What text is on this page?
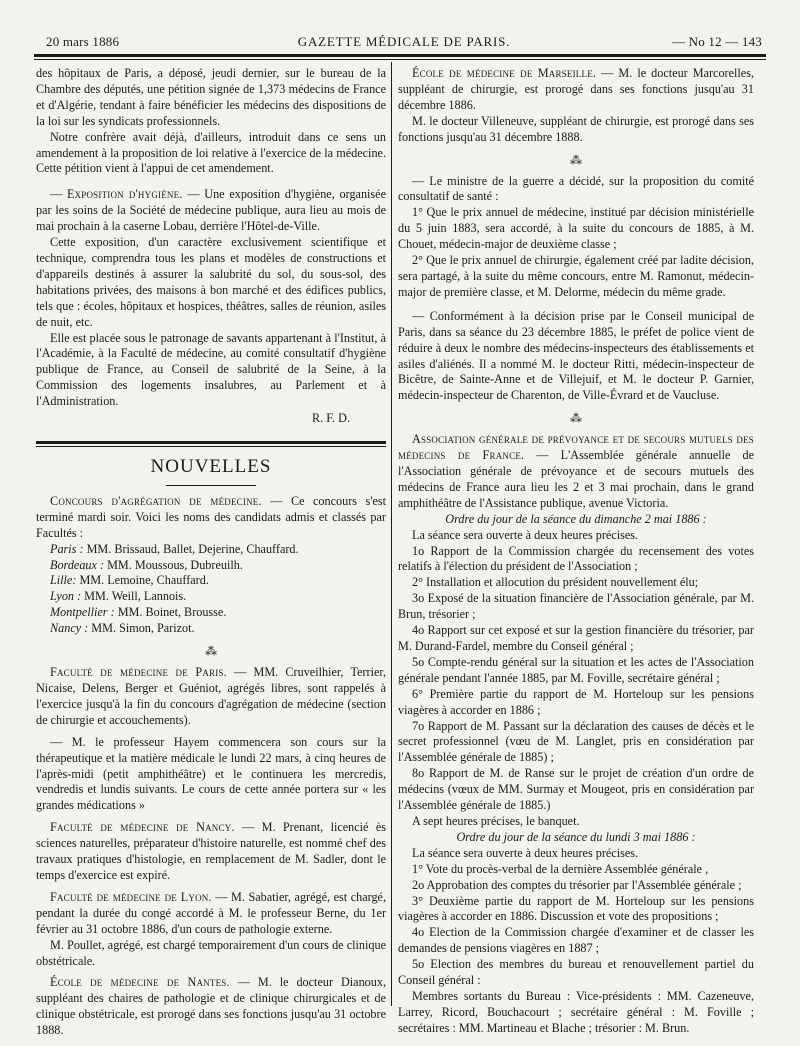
20 mars 1886	GAZETTE MÉDICALE DE PARIS.	— No 12 — 143

des hôpitaux de Paris, a déposé, jeudi dernier, sur le bureau de la Chambre des députés, une pétition signée de 1,373 médecins de France et d'Algérie, tendant à faire bénéficier les médecins des dispositions de la loi sur les syndicats professionnels.

Notre confrère avait déjà, d'ailleurs, introduit dans ce sens un amendement à la proposition de loi relative à l'exercice de la médecine. Cette pétition vient à l'appui de cet amendement.

— Exposition d'hygiène. — Une exposition d'hygiène, organisée par les soins de la Société de médecine publique, aura lieu au mois de mai prochain à la caserne Lobau, derrière l'Hôtel-de-Ville.

Cette exposition, d'un caractère exclusivement scientifique et technique, comprendra tous les plans et modèles de constructions et d'appareils destinés à assurer la salubrité du sol, du sous-sol, des habitations privées, des maisons à bon marché et des édifices publics, tels que : écoles, hôpitaux et hospices, théâtres, salles de réunion, asiles de nuit, etc.

Elle est placée sous le patronage de savants appartenant à l'Institut, à l'Académie, à la Faculté de médecine, au comité consultatif d'hygiène publique de France, au Conseil de salubrité de la Seine, à la Commission des logements insalubres, au Parlement et à l'Administration.

R. F. D.

NOUVELLES

Concours d'agrégation de médecine. — Ce concours s'est terminé mardi soir. Voici les noms des candidats admis et classés par Facultés :

Paris : MM. Brissaud, Ballet, Dejerine, Chauffard.

Bordeaux : MM. Moussous, Dubreuilh.

Lille: MM. Lemoine, Chauffard.

Lyon : MM. Weill, Lannois.

Montpellier : MM. Boinet, Brousse.

Nancy : MM. Simon, Parizot.

⁂

Faculté de médecine de Paris. — MM. Cruveilhier, Terrier, Nicaise, Delens, Berger et Guéniot, agrégés libres, sont rappelés à l'exercice jusqu'à la fin du concours d'agrégation de médecine (section de chirurgie et accouchements).

— M. le professeur Hayem commencera son cours sur la thérapeutique et la matière médicale le lundi 22 mars, à cinq heures de l'après-midi (petit amphithéâtre) et le continuera les mercredis, vendredis et lundis suivants. Le cours de cette année portera sur « les grandes médications »

Faculté de médecine de Nancy. — M. Prenant, licencié ès sciences naturelles, préparateur d'histoire naturelle, est nommé chef des travaux pratiques d'histologie, en remplacement de M. Sadler, dont le temps d'exercice est expiré.

Faculté de médecine de Lyon. — M. Sabatier, agrégé, est chargé, pendant la durée du congé accordé à M. le professeur Berne, du 1er février au 31 octobre 1886, d'un cours de pathologie externe.

M. Poullet, agrégé, est chargé temporairement d'un cours de clinique obstétricale.

École de médecine de Nantes. — M. le docteur Dianoux, suppléant des chaires de pathologie et de clinique chirurgicales et de clinique obstétricale, est prorogé dans ses fonctions jusqu'au 31 octobre 1888.

École de médecine de Marseille. — M. le docteur Marcorelles, suppléant de chirurgie, est prorogé dans ses fonctions jusqu'au 31 décembre 1886.

M. le docteur Villeneuve, suppléant de chirurgie, est prorogé dans ses fonctions jusqu'au 31 décembre 1888.

⁂

— Le ministre de la guerre a décidé, sur la proposition du comité consultatif de santé :

1° Que le prix annuel de médecine, institué par décision ministérielle du 5 juin 1883, sera accordé, à la suite du concours de 1885, à M. Chouet, médecin-major de deuxième classe ;

2° Que le prix annuel de chirurgie, également créé par ladite décision, sera partagé, à la suite du même concours, entre M. Ramonut, médecin-major de première classe, et M. Delorme, médecin du même grade.

— Conformément à la décision prise par le Conseil municipal de Paris, dans sa séance du 23 décembre 1885, le préfet de police vient de réduire à deux le nombre des médecins-inspecteurs des établissements et asiles d'aliénés. Il a nommé M. le docteur Ritti, médecin-inspecteur de Bicêtre, de Sainte-Anne et de Villejuif, et M. le docteur P. Garnier, médecin-inspecteur de Charenton, de Ville-Évrard et de Vaucluse.

⁂

Association générale de prévoyance et de secours mutuels des médecins de France. — L'Assemblée générale annuelle de l'Association générale de prévoyance et de secours mutuels des médecins de France aura lieu les 2 et 3 mai prochain, dans le grand amphithéâtre de l'Assistance publique, avenue Victoria.

Ordre du jour de la séance du dimanche 2 mai 1886 :

La séance sera ouverte à deux heures précises.

1o Rapport de la Commission chargée du recensement des votes relatifs à l'élection du président de l'Association ;

2° Installation et allocution du président nouvellement élu;

3o Exposé de la situation financière de l'Association générale, par M. Brun, trésorier ;

4o Rapport sur cet exposé et sur la gestion financière du trésorier, par M. Durand-Fardel, membre du Conseil général ;

5o Compte-rendu général sur la situation et les actes de l'Association générale pendant l'année 1885, par M. Foville, secrétaire général ;

6° Première partie du rapport de M. Horteloup sur les pensions viagères à accorder en 1886 ;

7o Rapport de M. Passant sur la déclaration des causes de décès et le secret professionnel (vœu de M. Langlet, pris en considération par l'Assemblée générale de 1885) ;

8o Rapport de M. de Ranse sur le projet de création d'un ordre de médecins (vœux de MM. Surmay et Mougeot, pris en considération par l'Assemblée générale de 1885.)

A sept heures précises, le banquet.

Ordre du jour de la séance du lundi 3 mai 1886 :

La séance sera ouverte à deux heures précises.

1° Vote du procès-verbal de la dernière Assemblée générale ,

2o Approbation des comptes du trésorier par l'Assemblée générale ;

3° Deuxième partie du rapport de M. Horteloup sur les pensions viagères à accorder en 1886. Discussion et vote des propositions ;

4o Election de la Commission chargée d'examiner et de classer les demandes de pensions viagères en 1887 ;

5o Election des membres du bureau et renouvellement partiel du Conseil général :

Membres sortants du Bureau : Vice-présidents : MM. Cazeneuve, Larrey, Ricord, Bouchacourt ; secrétaire général : M. Foville ; secrétaires : MM. Martineau et Blache ; trésorier : M. Brun.
